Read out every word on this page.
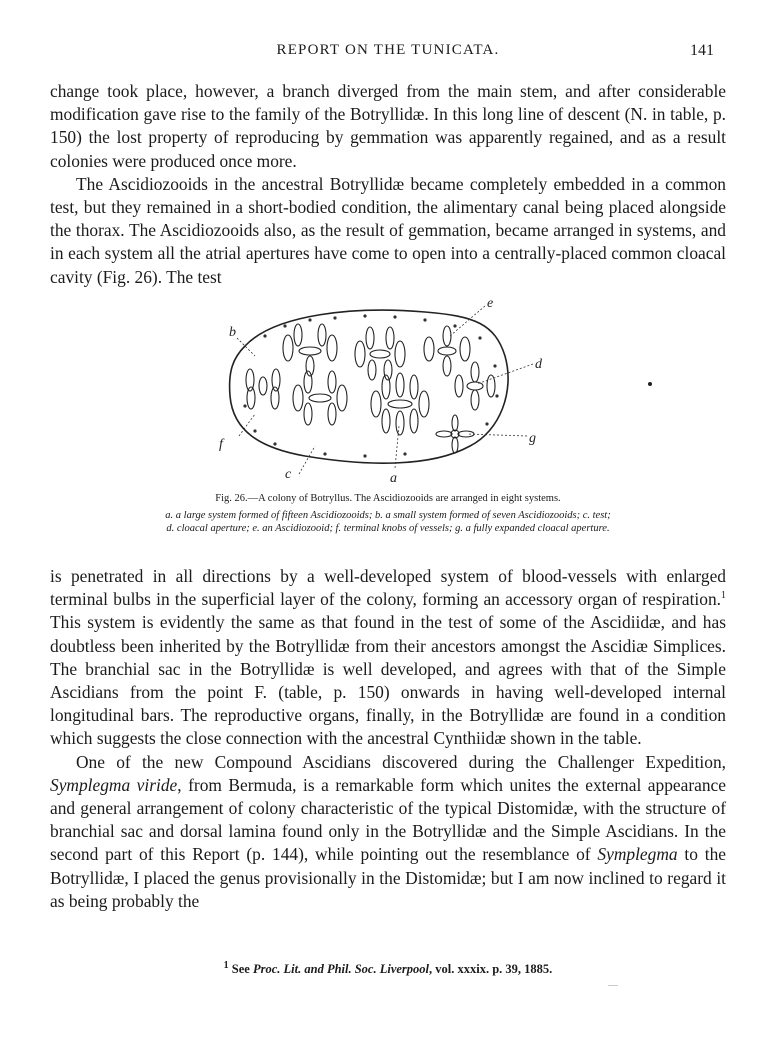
REPORT ON THE TUNICATA.	141

change took place, however, a branch diverged from the main stem, and after considerable modification gave rise to the family of the Botryllidæ. In this long line of descent (N. in table, p. 150) the lost property of reproducing by gemmation was apparently regained, and as a result colonies were produced once more.

The Ascidiozooids in the ancestral Botryllidæ became completely embedded in a common test, but they remained in a short-bodied condition, the alimentary canal being placed alongside the thorax. The Ascidiozooids also, as the result of gemmation, became arranged in systems, and in each system all the atrial apertures have come to open into a centrally-placed common cloacal cavity (Fig. 26). The test

b
e
d
f
c	a
g
Fig. 26.—A colony of Botryllus. The Ascidiozooids are arranged in eight systems.
a. a large system formed of fifteen Ascidiozooids; b. a small system formed of seven Ascidiozooids; c. test;
d. cloacal aperture; e. an Ascidiozooid; f. terminal knobs of vessels; g. a fully expanded cloacal aperture.

is penetrated in all directions by a well-developed system of blood-vessels with enlarged terminal bulbs in the superficial layer of the colony, forming an accessory organ of respiration.$^1$ This system is evidently the same as that found in the test of some of the Ascidiidæ, and has doubtless been inherited by the Botryllidæ from their ancestors amongst the Ascidiæ Simplices. The branchial sac in the Botryllidæ is well developed, and agrees with that of the Simple Ascidians from the point F. (table, p. 150) onwards in having well-developed internal longitudinal bars. The reproductive organs, finally, in the Botryllidæ are found in a condition which suggests the close connection with the ancestral Cynthiidæ shown in the table.

One of the new Compound Ascidians discovered during the Challenger Expedition, Symplegma viride, from Bermuda, is a remarkable form which unites the external appearance and general arrangement of colony characteristic of the typical Distomidæ, with the structure of branchial sac and dorsal lamina found only in the Botryllidæ and the Simple Ascidians. In the second part of this Report (p. 144), while pointing out the resemblance of Symplegma to the Botryllidæ, I placed the genus provisionally in the Distomidæ; but I am now inclined to regard it as being probably the

$^1$ See Proc. Lit. and Phil. Soc. Liverpool, vol. xxxix. p. 39, 1885.
